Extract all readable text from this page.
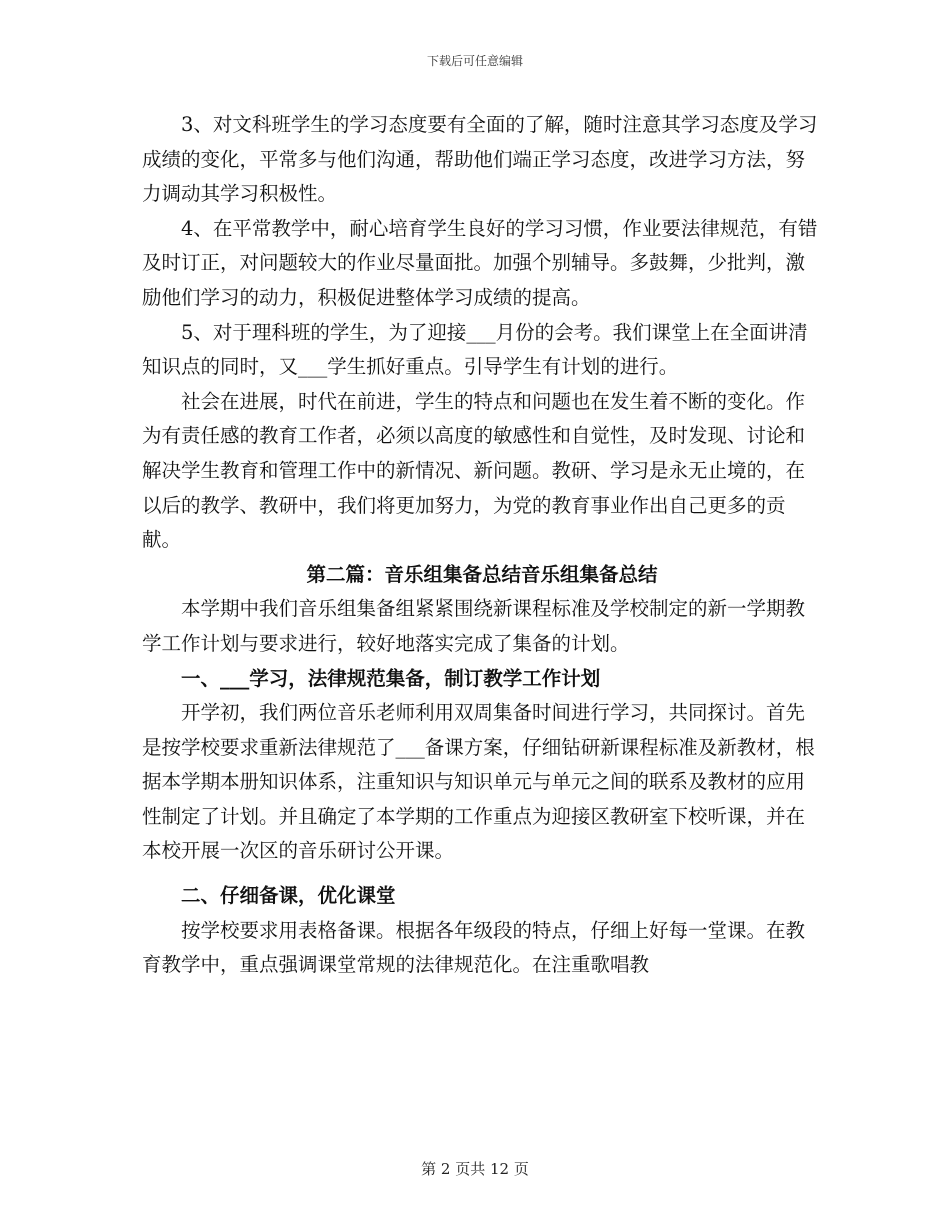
下载后可任意编辑

3、对文科班学生的学习态度要有全面的了解，随时注意其学习态度及学习成绩的变化，平常多与他们沟通，帮助他们端正学习态度，改进学习方法，努力调动其学习积极性。

4、在平常教学中，耐心培育学生良好的学习习惯，作业要法律规范，有错及时订正，对问题较大的作业尽量面批。加强个别辅导。多鼓舞，少批判，激励他们学习的动力，积极促进整体学习成绩的提高。

5、对于理科班的学生，为了迎接___月份的会考。我们课堂上在全面讲清知识点的同时，又___学生抓好重点。引导学生有计划的进行。

社会在进展，时代在前进，学生的特点和问题也在发生着不断的变化。作为有责任感的教育工作者，必须以高度的敏感性和自觉性，及时发现、讨论和解决学生教育和管理工作中的新情况、新问题。教研、学习是永无止境的，在以后的教学、教研中，我们将更加努力，为党的教育事业作出自己更多的贡献。

第二篇：音乐组集备总结音乐组集备总结

本学期中我们音乐组集备组紧紧围绕新课程标准及学校制定的新一学期教学工作计划与要求进行，较好地落实完成了集备的计划。

一、___学习，法律规范集备，制订教学工作计划

开学初，我们两位音乐老师利用双周集备时间进行学习，共同探讨。首先是按学校要求重新法律规范了___备课方案，仔细钻研新课程标准及新教材，根据本学期本册知识体系，注重知识与知识单元与单元之间的联系及教材的应用性制定了计划。并且确定了本学期的工作重点为迎接区教研室下校听课，并在本校开展一次区的音乐研讨公开课。

二、仔细备课，优化课堂

按学校要求用表格备课。根据各年级段的特点，仔细上好每一堂课。在教育教学中，重点强调课堂常规的法律规范化。在注重歌唱教

第 2 页共 12 页
